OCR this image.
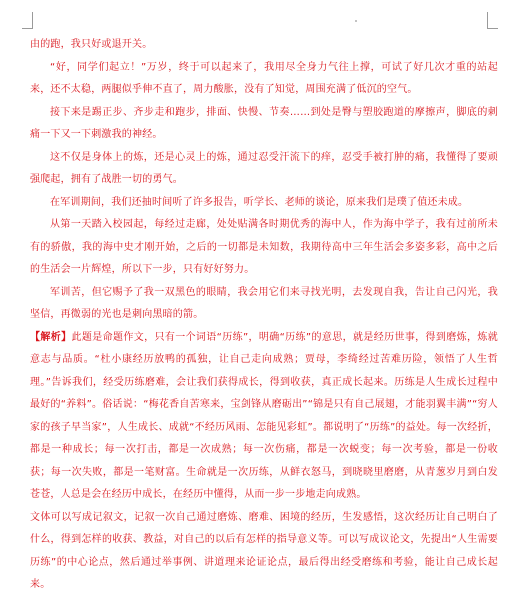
由的跑，我只好或退开关。

“好，同学们起立！”万岁，终于可以起来了，我用尽全身力气往上撑，可试了好几次才重的站起来，还不太稳，两腿似乎伸不直了，周力酸胀，没有了知觉，周围充满了低沉的空气。

接下来是踢正步、齐步走和跑步，排面、快慢、节奏……到处是臀与塑胶跑道的摩擦声，脚底的刺痛一下又一下刺激我的神经。

这不仅是身体上的炼，还是心灵上的炼，通过忍受汗流下的痒，忍受手被打肿的痛，我懂得了要顽强爬起，拥有了战胜一切的勇气。

在军训期间，我们还抽时间听了许多报告，听学长、老师的谈论，原来我们是璞了值还未成。

从第一天踏入校园起，每经过走廊，处处贴满各时期优秀的海中人，作为海中学子，我有过前所未有的骄傲，我的海中史才刚开始，之后的一切都是未知数，我期待高中三年生活会多姿多彩，高中之后的生活会一片辉煌，所以下一步，只有好好努力。

军训苦，但它赐予了我一双黑色的眼睛，我会用它们来寻找光明，去发现自我，告让自己闪光，我坚信，再微弱的光也是刺向黑暗的箭。

【解析】此题是命题作文，只有一个词语“历练”，明确“历练”的意思，就是经历世事，得到磨炼，炼就意志与品质。“杜小康经历放鸭的孤独，让自己走向成熟；贾母，李绮经过苦难历险，领悟了人生哲理。”告诉我们，经受历练磨难，会让我们获得成长，得到收获，真正成长起来。历练是人生成长过程中最好的“养料”。俗话说：“梅花香自苦寒来，宝剑锋从磨砺出”“锦是只有自己展翅，才能羽翼丰满”“穷人家的孩子早当家”，人生成长、成就“不经历风雨、怎能见彩虹”。都说明了“历练”的益处。每一次经折，都是一种成长；每一次打击，都是一次成熟；每一次伤痛，都是一次蜕变；每一次考验，都是一份收获；每一次失败，都是一笔财富。生命就是一次历练，从鲜衣怒马，到晓晓里磨磨，从青葱岁月到白发苍苍，人总是会在经历中成长，在经历中懂得，从而一步一步地走向成熟。

文体可以写成记叙文，记叙一次自己通过磨炼、磨难、困境的经历，生发感悟，这次经历让自己明白了什么，得到怎样的收获、教益，对自己的以后有怎样的指导意义等。可以写成议论文，先提出“人生需要历练”的中心论点，然后通过举事例、讲道理来论证论点，最后得出经受磨练和考验，能让自己成长起来。
